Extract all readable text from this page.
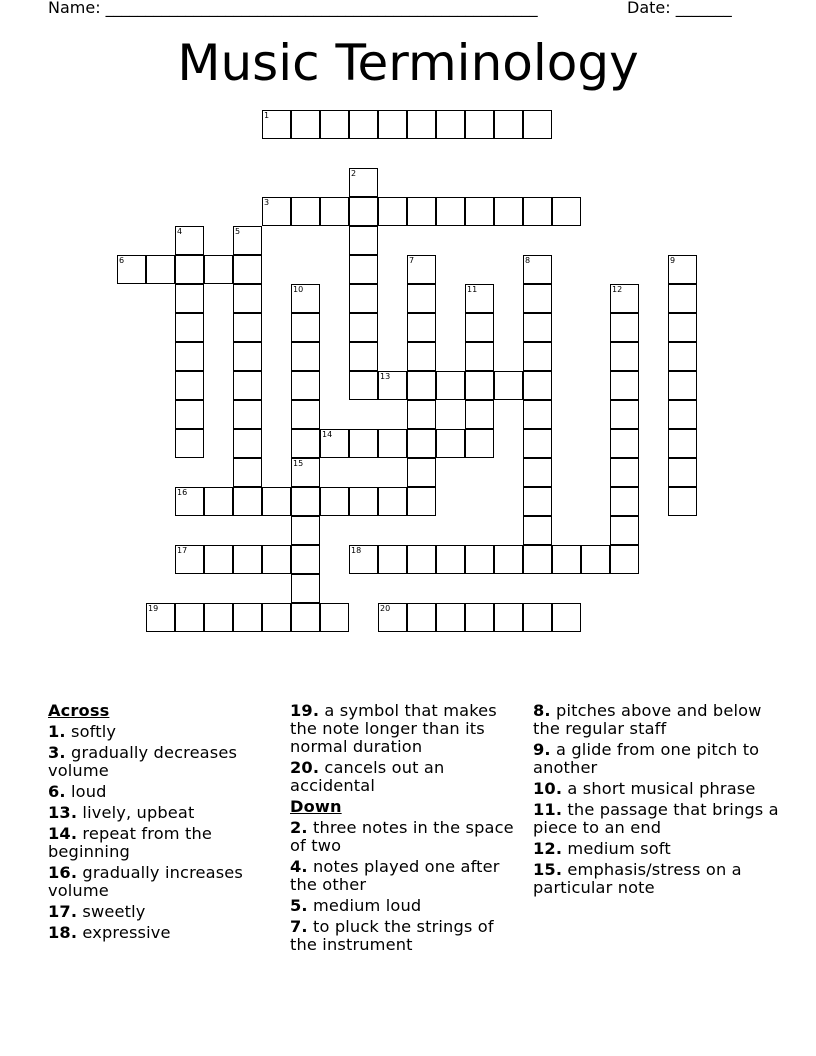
Name: ______________________________________________________	Date: _______
Music Terminology
1
2
3
4	5
6	7	8	9
10	11	12
13
14
15
16
17	18
19	20
Across
1. softly
3. gradually decreases volume
6. loud
13. lively, upbeat
14. repeat from the beginning
16. gradually increases volume
17. sweetly
18. expressive
19. a symbol that makes the note longer than its normal duration
20. cancels out an accidental
Down
2. three notes in the space of two
4. notes played one after the other
5. medium loud
7. to pluck the strings of the instrument
8. pitches above and below the regular staff
9. a glide from one pitch to another
10. a short musical phrase
11. the passage that brings a piece to an end
12. medium soft
15. emphasis/stress on a particular note
